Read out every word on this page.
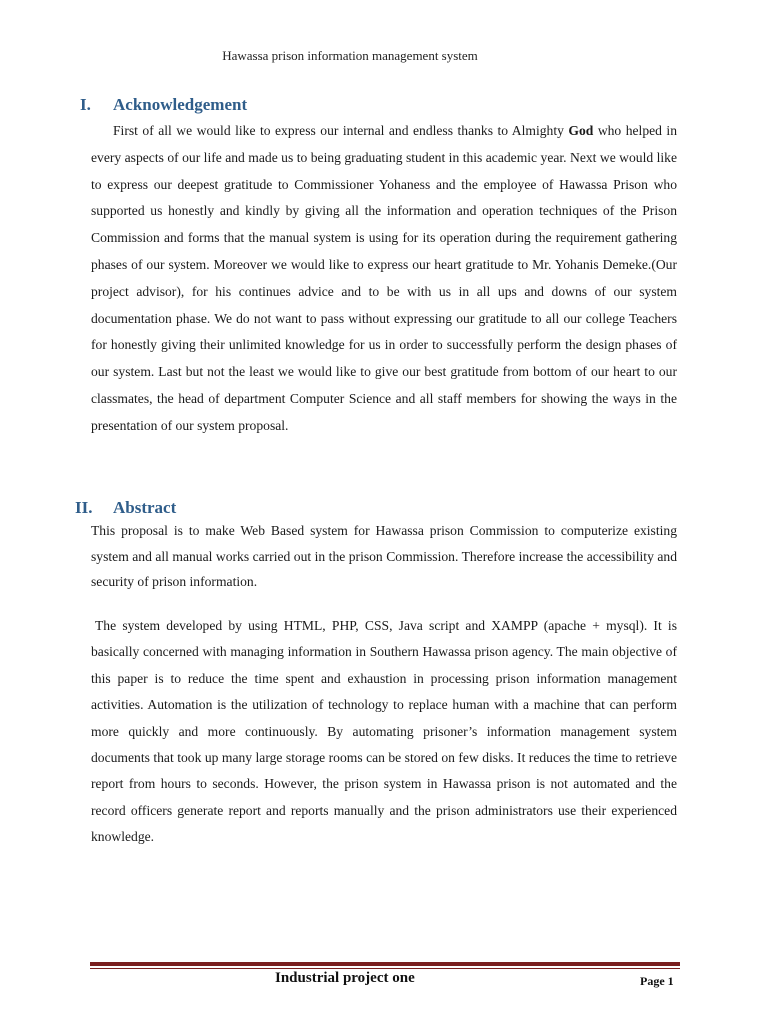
Hawassa prison information management system
I. Acknowledgement
First of all we would like to express our internal and endless thanks to Almighty God who helped in every aspects of our life and made us to being graduating student in this academic year. Next we would like to express our deepest gratitude to Commissioner Yohaness and the employee of Hawassa Prison who supported us honestly and kindly by giving all the information and operation techniques of the Prison Commission and forms that the manual system is using for its operation during the requirement gathering phases of our system. Moreover we would like to express our heart gratitude to Mr. Yohanis Demeke.(Our project advisor), for his continues advice and to be with us in all ups and downs of our system documentation phase. We do not want to pass without expressing our gratitude to all our college Teachers for honestly giving their unlimited knowledge for us in order to successfully perform the design phases of our system. Last but not the least we would like to give our best gratitude from bottom of our heart to our classmates, the head of department Computer Science and all staff members for showing the ways in the presentation of our system proposal.
II. Abstract
This proposal is to make Web Based system for Hawassa prison Commission to computerize existing system and all manual works carried out in the prison Commission. Therefore increase the accessibility and security of prison information.
The system developed by using HTML, PHP, CSS, Java script and XAMPP (apache + mysql). It is basically concerned with managing information in Southern Hawassa prison agency. The main objective of this paper is to reduce the time spent and exhaustion in processing prison information management activities. Automation is the utilization of technology to replace human with a machine that can perform more quickly and more continuously. By automating prisoner’s information management system documents that took up many large storage rooms can be stored on few disks. It reduces the time to retrieve report from hours to seconds. However, the prison system in Hawassa prison is not automated and the record officers generate report and reports manually and the prison administrators use their experienced knowledge.
Industrial project one	Page 1
